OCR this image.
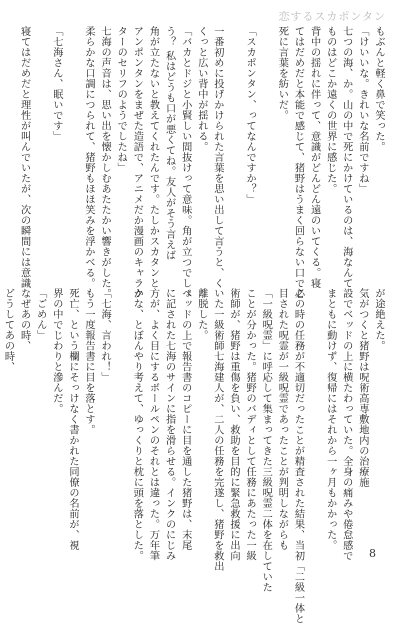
恋するスカポンタン
もぶんと軽く鼻で笑った。
「けいいな。きれいな名前ですね」
七つの海、か。山の中で死にかけているのは、海なんて
ものはどこか遠くの世界に感じた。
背中の揺れに伴って、意識がどんどん遠のいてくる。寝
てはだめだと本能で感じて、猪野はうまく回らない口で必
死に言葉を紡いだ。
「スカポンタン、ってなんですか？」
一番初めに投げかけられた言葉を思い出して言うと、く
くっと広い背中が揺れる。
「バカとドジと小賢しい間抜けって意味。角が立つでしょ
う？ 私はどうも口が悪くてね。友人がそう言えば
角が立たないと教えてくれたんです。たしかスカタンと
アンポンタンをまぜた造語で、アニメだか漫画のキャラク
ターのセリフのようでしたね」
七海の声音は、思い出を懐かしむあたたかい響きがした。
柔らかな口調につられて、猪野もほほ笑みを浮かべる。
「七海さん、眠いです」
寝てはだめだと理性が叫んでいたが、次の瞬間には意識
が途絶えた。
気がつくと猪野は呪術高専敷地内の治療施
設でベッドの上に横たわっていた。全身の痛みや倦怠感で
まともに動けず、復帰にはそれから一ヶ月もかかった。
この時の任務が不適切だったことが精査された結果、当初「二級一体と
目された呪霊が一級呪霊であったことが判明しながらも
「一級呪霊」に呼応して集まってきた三級呪霊二体を在していた
ことが分かった。猪野のバディとして任務にあたった一級
術師が、猪野は重傷を負い、救助を目的に緊急救援に出向
いた一級術師七海建人が、二人の任務を完遂し、猪野を救出
離脱した。
ベッドの上で報告書のコピーに目を通した猪野は、末尾
に記された七海のサインに指を滑らせる。インクのにじみ
方が、よく目にするボールペンのそれとは違った。万年筆
かな、とぼんやり考えて、ゆっくりと枕に頭を落とした。
「七海、言われ！」
もう一度報告書に目を落とす。
死亡、という欄にそっけなく書かれた同僚の名前が、視
界の中でじわりと滲んだ。
「ごめん」
なぜあの時、
どうしてあの時、
8
